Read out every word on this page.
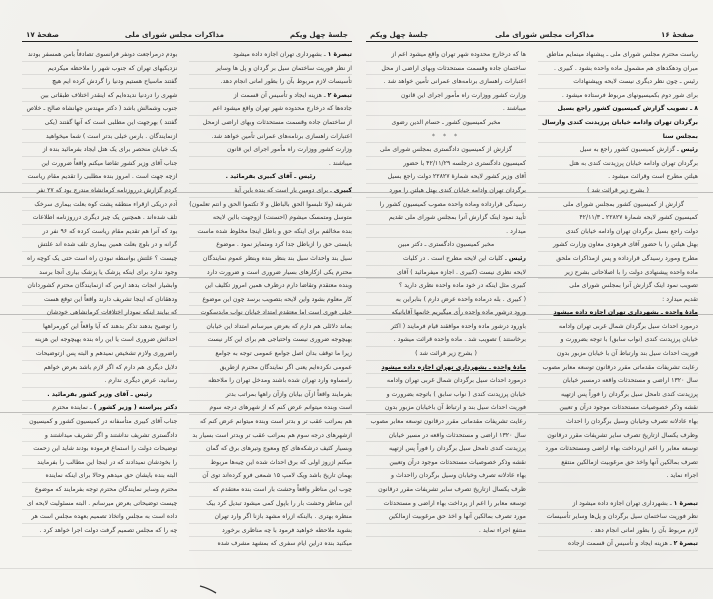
جلسهٔ چهل ویکم
مذاکرات مجلس شورای ملی
صفحهٔ ۱۷
تبصرهٔ ۱ ـ بشهرداری تهران اجازه داده میشود
از نظر فوریت ساختمان سیل بر گردان و پل ها وسایر
تأسیسات لازم مربوط بآن را بطور امانی انجام دهد.
تبصرهٔ ۲ ـ هزینه ایجاد و تأسیس آن قسمت از
جاده‌ها که درخارج محدوده شهر تهران واقع میشود اعم
از ساختمان جاده وقسمت مستحدثات وبهای اراضی ازمحل
اعتبارات راهسازی برنامه‌های عمرانی تأمین خواهد شد.
وزارت کشور ووزارت راه مأمور اجرای این قانون
میباشند .
رئیس ـ آقای کبیری بفرمائید .
کبیری ـ برای دومین بار است که بنده باین آیهٔ
شریفه (ولا تلبسوا الحق بالباطل و لا تکتموا الحق و انتم تعلمون)
متوسل ومتمسک میشوم (احسنت) ازوجهت بااین لایحه
بنده مخالفم برای اینکه حق و باطل اینجا مخلوط شده ماست
بایستی حق را ازباطل جدا کرد ومتمایز نمود . موضوع
سیل بند واحداث سیل بند بنظر بنده وبنظر عموم نمایندگان
محترم یکی ازکارهای بسیار ضروری است و ضرورت دارد
وبنده معتقدم وتقاضا دارم درظرف همین امروز تکلیف این
کار معلوم بشود واین لایحه بتصویب برسد چون این موضوع
خیلی فوری است اما معتقدم امتداد خیابان نواب مابدسکوت
بماند دلائلی هم دارم که بعرض میرسانم امتداد این خیابان
بهیچوجه ضروری نیست واحتیاجی هم برای این کار نیست
زیرا ما توقف بدان اصل جوامع عمومی توجه به جوامع
عمومی نکرده‌ایم یعنی اگر نمایندگان محترم ازطریق
رامساوه وارد تهران شده باشند ومدخل تهران را ملاحظه
بفرمایند واقعاً ازآن بیابان وازآن راهها بمراتب بدتر
است وبنده میتوانم عرض کنم که از شهرهای درجه سوم
هم بمراتب عقب تر و بدتر است وبنده میتوانم عرض کنم که
ازشهرهای درجه سوم هم بمراتب عقب تر وبدتر است بسیار بد
وبسیار کثیف درشکه‌های کج ومعوج وتیرهای برق که گمان
میکنم ازروز اولی که برق احداث شده این چیه‌ها مربوط
بهمان تاریخ باشد ویک لامپ ۱۵ شمعی فرو کرده‌اند توی آن
چوب این مناظر واقعاً وحشت بار است بنده معتقدم که
این مناظر وحشت بار را باپول کمی میشود تبدیل کرد بیک
منظره بهتری . بااینکه ازراه مشهد بازنا اگر وارد تهران
بشوید ملاحظه خواهید فرمود با چه مناظری برخورد
میکنید بنده دراین ایام سفری که بمشهد مشرف شده
بودم درمراجعت دونفر فرانسوی تصادفاً بامن همسفر بودند
نزدیکیهای تهران که جنوب شهر را ملاحظه میکردیم
گفتند ماسیاح هستیم ودنیا را گردش کرده ایم هیچ
شهری را دردنیا ندیده‌ایم که اینقدر اختلاف طبقاتی بین
جنوب وشمالش باشد ( دکتر مهندس جهانشاه صالح ـ خلاص
گفتند ) بهرجهت این مطلبی است که آنها گفتند (یکی
ازنمایندگان . بارس خیلی بدتر است ) شما میخواهید
یک خیابان منحصر برای یک هتل ایجاد بفرمائید بنده از
جناب آقای وزیر کشور تقاضا میکنم واقعاً ضرورت این
ازچه جهت است . امروز بنده مطلبی را تقدیم مقام ریاست
کردم گزارش درروزنامه کرمانشاه مندرج بود که ۲۷ نفر
آدم دریکی ازقراء منطقه پشت کوه بعلت بیماری سرخک
تلف شده‌اند . همچنین یک چیز دیگری درروزنامه اطلاعات
بود که آنرا هم تقدیم مقام ریاست کرده که ۹۶ نفر در
گرانه و در بلوچ بعلت همین بیماری تلف شده اند علتش
چیست ؟ علتش بواسطه نبودن راه است حتی یک کوچه راه
وجود ندارد برای اینکه پزشک یا پزشک بیاری آنجا برسد
وابشیار انجات بدهد ازمن که ازنمایندگان محترم کشوردانان
ودهقانان که اینجا تشریف دارند واقعاً این توقع هست
که بیایند اینکه نمودار اختلافات کرمانشاهی خودشان
را توضیح بدهند تذکر بدهند که آیا واقعاً این کورمراهها
احداثش ضروری است یا این راه بنده بهیچوجه این هزینه
راضروری ولازم تشخیص نمیدهم و البته پس ازتوضیحات
دلایل دیگری هم دارم که اگر لازم باشد بعرض خواهم
رسانید، عرض دیگری ندارم .
رئیس ـ آقای وزیر کشور بفرمائید .
دکتر پیراسته ( وزیر کشور ) ـ نماینده محترم
جناب آقای کبیری متأسفانه در کمیسیون کشور و کمیسیون
دادگستری تشریف نداشتند و اگر تشریف میداشتند و
توضیحات دولت را استماع فرموده بودند شاید این زحمت
را بخودشان نمیدادند که در اینجا این مطالب را بفرمایند
البته بنده بایشان حق میدهم وحالا برای اینکه نماینده
محترم وسایر نمایندگان محترم توجه بفرمایند که موضوع
چیست توضیحاتی بعرض میرسانم . البته مسئولیت لایحه ای
داده است به مجلس واتخاذ تصمیم بعهده مجلس است هر
چه را که مجلس تصمیم گرفت دولت اجرا خواهد کرد .
صفحهٔ ۱۶
مذاکرات مجلس شورای ملی
جلسهٔ چهل ویکم
ریاست محترم مجلس شورای ملی ـ پیشنهاد مینمایم مناطق
میران ودهکدهای هم مشمول ماده واحده بشود . کبیری .
رئیس ـ چون نظر دیگری نیست لایحه وپیشنهادات
برای شور دوم بکمیسیونهای مربوط فرستاده میشود .
۸ ـ تصویب گزارش کمیسیون کشور راجع بسیل
برگردان تهران وادامه خیابان پرزیدنت کندی وارسال
بمجلس سنا
رئیس ـ گزارش کمیسیون کشور راجع به سیل
برگردان تهران وادامه خیابان پرزیدنت کندی به هتل
هیلتن مطرح است وقرائت میشود .
( بشرح زیر قرائت شد )
گزارش از کمیسیون کشور بمجلس شورای ملی
کمیسیون کشور لایحه شمارهٔ ۲۲۸۲۷ ـ ۴۲/۱۱/۳
دولت راجع بسیل برگردان تهران وادامه خیابان کندی
بهتل هیلتن را با حضور آقای فرهودی معاون وزارت کشور
مطرح ومورد رسیدگی قرارداده و پس ازمذاکرات ملحق
ماده واحده پیشنهادی دولت را با اصلاحاتی بشرح زیر
تصویب نمود اینک گزارش آنرا بمجلس شورای ملی
تقدیم میدارد :
مادهٔ واحده ـ بشهرداری تهران اجازه داده میشود
درمورد احداث سیل برگردان شمال غربی تهران وادامه
خیابان پرزیدنت کندی (نواب سابق) با توجه بضرورت و
فوریت احداث سیل بند وارتباط آن با خیابان مزبور بدون
رعایت تشریفات مقدماتی مقرر درقانون توسعه معابر مصوب
سال ۱۳۲۰ اراضی و مستحدثات واقعه درمسیر خیابان
پرزیدنت کندی تامحل سیل برگردان را فوراً پس ازتهیه
نقشه وذکر خصوصیات مستحدثات موجود درآن و تعیین
بهاء عادلانه تصرف وخیابان وسیل برگردان را احداث
وظرف یکسال ازتاریخ تصرف سایر تشریفات مقرر درقانون
توسعه معابر را اعم ازپرداخت بهاء اراضی ومستحدثات مورد
تصرف بمالکین آنها واخذ حق مرغوبیت ازمالکین منتفع
اجراء نماید .
تبصرهٔ ۱ ـ بشهرداری تهران اجازه داده میشود از
نظر فوریت ساختمان سیل برگردان و پل‌ها وسایر تأسیسات
لازم مربوط بآن را بطور امانی انجام دهد .
تبصرهٔ ۲ ـ هزینه ایجاد و تأسیس آن قسمت ازجاده
ها که درخارج محدوده شهر تهران واقع میشود اعم از
ساختمان جاده وقسمت مستحدثات وبهای اراضی از محل
اعتبارات راهسازی برنامه‌های عمرانی تأمین خواهد شد .
وزارت کشور ووزارت راه مأمور اجرای این قانون
میباشند .
مخبر کمیسیون کشور ـ حسام الدین رضوی
* * *
گزارش از کمیسیون دادگستری بمجلس شورای ملی
کمیسیون دادگستری درجلسه ۴۲/۱۱/۲۹ با حضور
آقای وزیر کشور لایحه شمارهٔ ۲۲۸۲۷ دولت راجع بسیل
برگردان تهران وادامه خیابان کندی بهتل هیلتن را مورد
رسیدگی قرارداده وماده واحده مصوب کمیسیون کشور را
تأیید نمود اینک گزارش آنرا بمجلس شورای ملی تقدیم
میدارد .
مخبر کمیسیون دادگستری ـ دکتر مبین
رئیس ـ کلیات این لایحه مطرح است . در کلیات
لایحه نظری نیست (کبیری . اجازه میفرمائید ) آقای
کبیری مثل اینکه در خود ماده واحده نظری دارید ؟
( کبیری . بله درماده واحده عرض دارم ) بنابراین به
ورود درشور ماده واحده رأی میگیریم خانمها آقایانیکه
باورود درشور ماده واحده موافقند قیام فرمایند ( اکثر
برخاستند ) تصویب شد . ماده واحده قرائت میشود .
( بشرح زیر قرائت شد )
مادهٔ واحده ـ بشهرداری تهران اجازه داده میشود
درمورد احداث سیل برگردان شمال غربی تهران وادامه
خیابان پرزیدنت کندی ( نواب سابق ) باتوجه بضرورت و
فوریت احداث سیل بند و ارتباط آن باخیابان مزبور بدون
رعایت تشریفات مقدماتی مقرر درقانون توسعه معابر مصوب
سال ۱۳۲۰ اراضی و مستحدثات واقعه در مسیر خیابان
پرزیدنت کندی تامحل سیل برگردان را فوراً پس ازتهیه
نقشه وذکر خصوصیات مستحدثات موجود درآن وتعیین
بهاء عادلانه تصرف وخیابان وسیل برگردان رااحداث و
ظرف یکسال ازتاریخ تصرف سایر تشریفات مقرر درقانون
توسعه معابر را اعم از پرداخت بهاء اراضی و مستحدثات
مورد تصرف بمالکین آنها و اخذ حق مرغوبیت ازمالکین
منتفع اجراء نماید .
